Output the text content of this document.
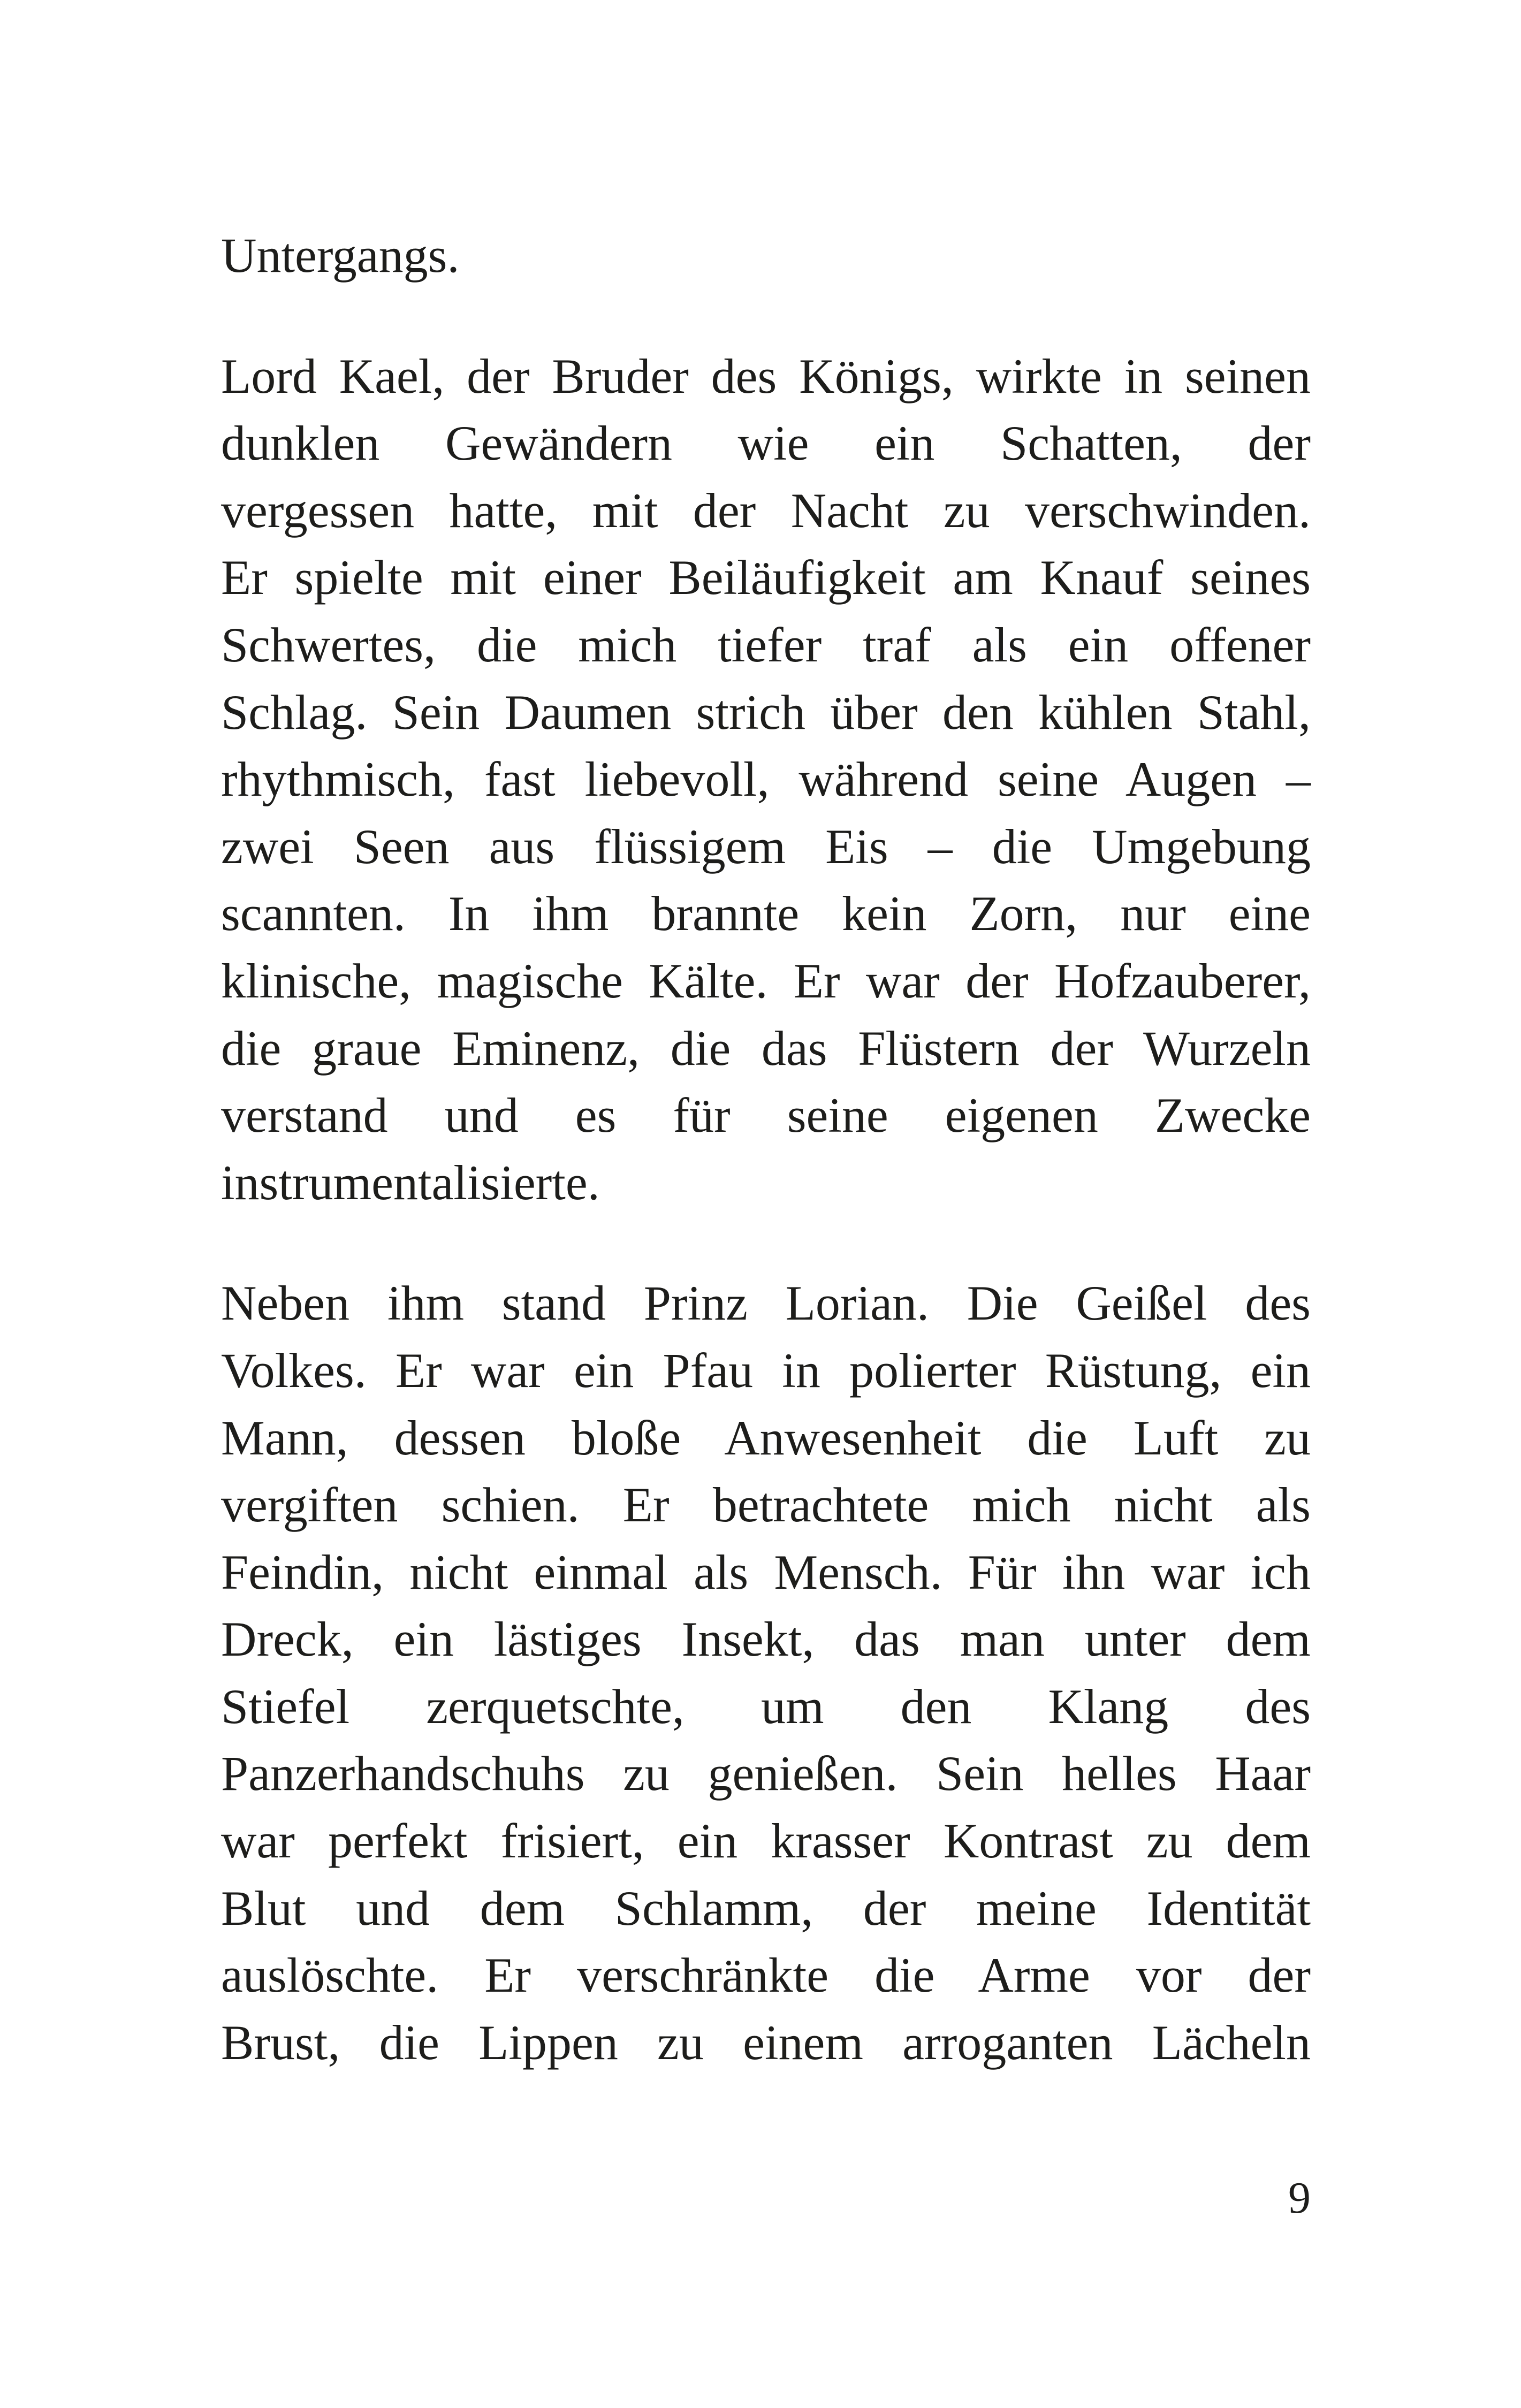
Untergangs.

Lord Kael, der Bruder des Königs, wirkte in seinen
dunklen Gewändern wie ein Schatten, der
vergessen hatte, mit der Nacht zu verschwinden.
Er spielte mit einer Beiläufigkeit am Knauf seines
Schwertes, die mich tiefer traf als ein offener
Schlag. Sein Daumen strich über den kühlen Stahl,
rhythmisch, fast liebevoll, während seine Augen –
zwei Seen aus flüssigem Eis – die Umgebung
scannten. In ihm brannte kein Zorn, nur eine
klinische, magische Kälte. Er war der Hofzauberer,
die graue Eminenz, die das Flüstern der Wurzeln
verstand und es für seine eigenen Zwecke
instrumentalisierte.

Neben ihm stand Prinz Lorian. Die Geißel des
Volkes. Er war ein Pfau in polierter Rüstung, ein
Mann, dessen bloße Anwesenheit die Luft zu
vergiften schien. Er betrachtete mich nicht als
Feindin, nicht einmal als Mensch. Für ihn war ich
Dreck, ein lästiges Insekt, das man unter dem
Stiefel zerquetschte, um den Klang des
Panzerhandschuhs zu genießen. Sein helles Haar
war perfekt frisiert, ein krasser Kontrast zu dem
Blut und dem Schlamm, der meine Identität
auslöschte. Er verschränkte die Arme vor der
Brust, die Lippen zu einem arroganten Lächeln

9
